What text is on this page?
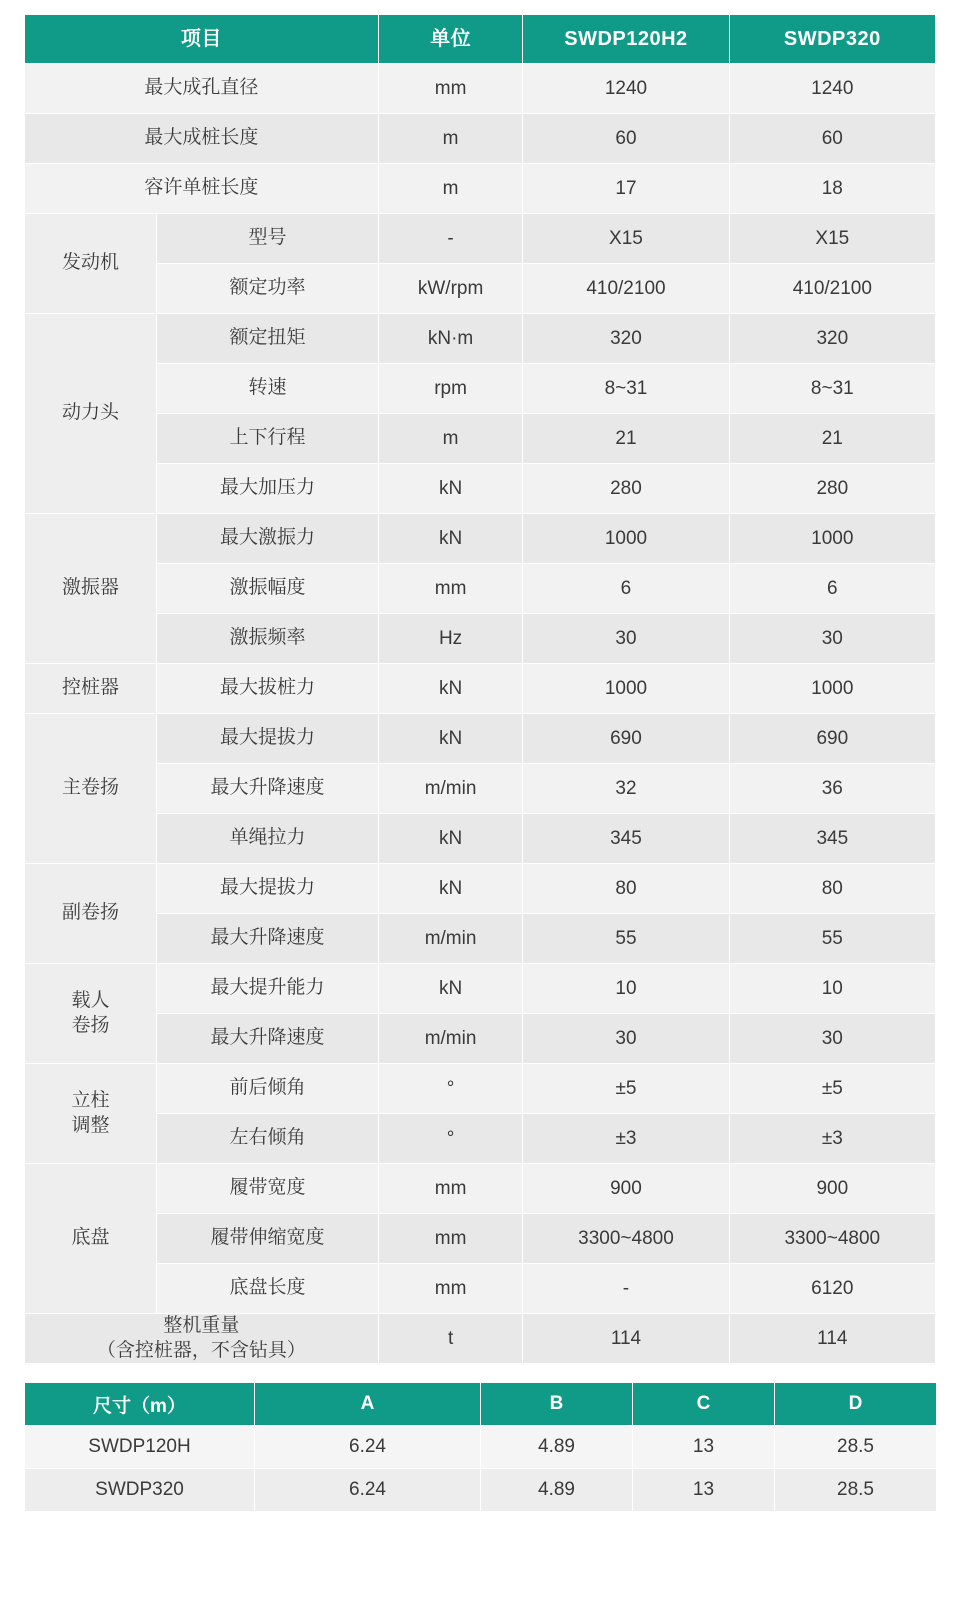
项目		单位	SWDP120H2	SWDP320

最大成孔直径		mm	1240	1240

最大成桩长度		m	60	60

容许单桩长度		m	17	18

发动机	型号	-	X15	X15

	额定功率	kW/rpm	410/2100	410/2100

动力头	额定扭矩	kN·m	320	320

	转速	rpm	8~31	8~31

	上下行程	m	21	21

	最大加压力	kN	280	280

激振器	最大激振力	kN	1000	1000

	激振幅度	mm	6	6

	激振频率	Hz	30	30

控桩器	最大拔桩力	kN	1000	1000

主卷扬	最大提拔力	kN	690	690

	最大升降速度	m/min	32	36

	单绳拉力	kN	345	345

副卷扬	最大提拔力	kN	80	80

	最大升降速度	m/min	55	55

载人
卷扬	最大提升能力	kN	10	10

	最大升降速度	m/min	30	30

立柱
调整	前后倾角	°	±5	±5

	左右倾角	°	±3	±3

底盘	履带宽度	mm	900	900

	履带伸缩宽度	mm	3300~4800	3300~4800

	底盘长度	mm	-	6120

整机重量
（含控桩器，不含钻具）		t	114	114
尺寸（m）	A	B	C	D
SWDP120H	6.24	4.89	13	28.5
SWDP320	6.24	4.89	13	28.5
